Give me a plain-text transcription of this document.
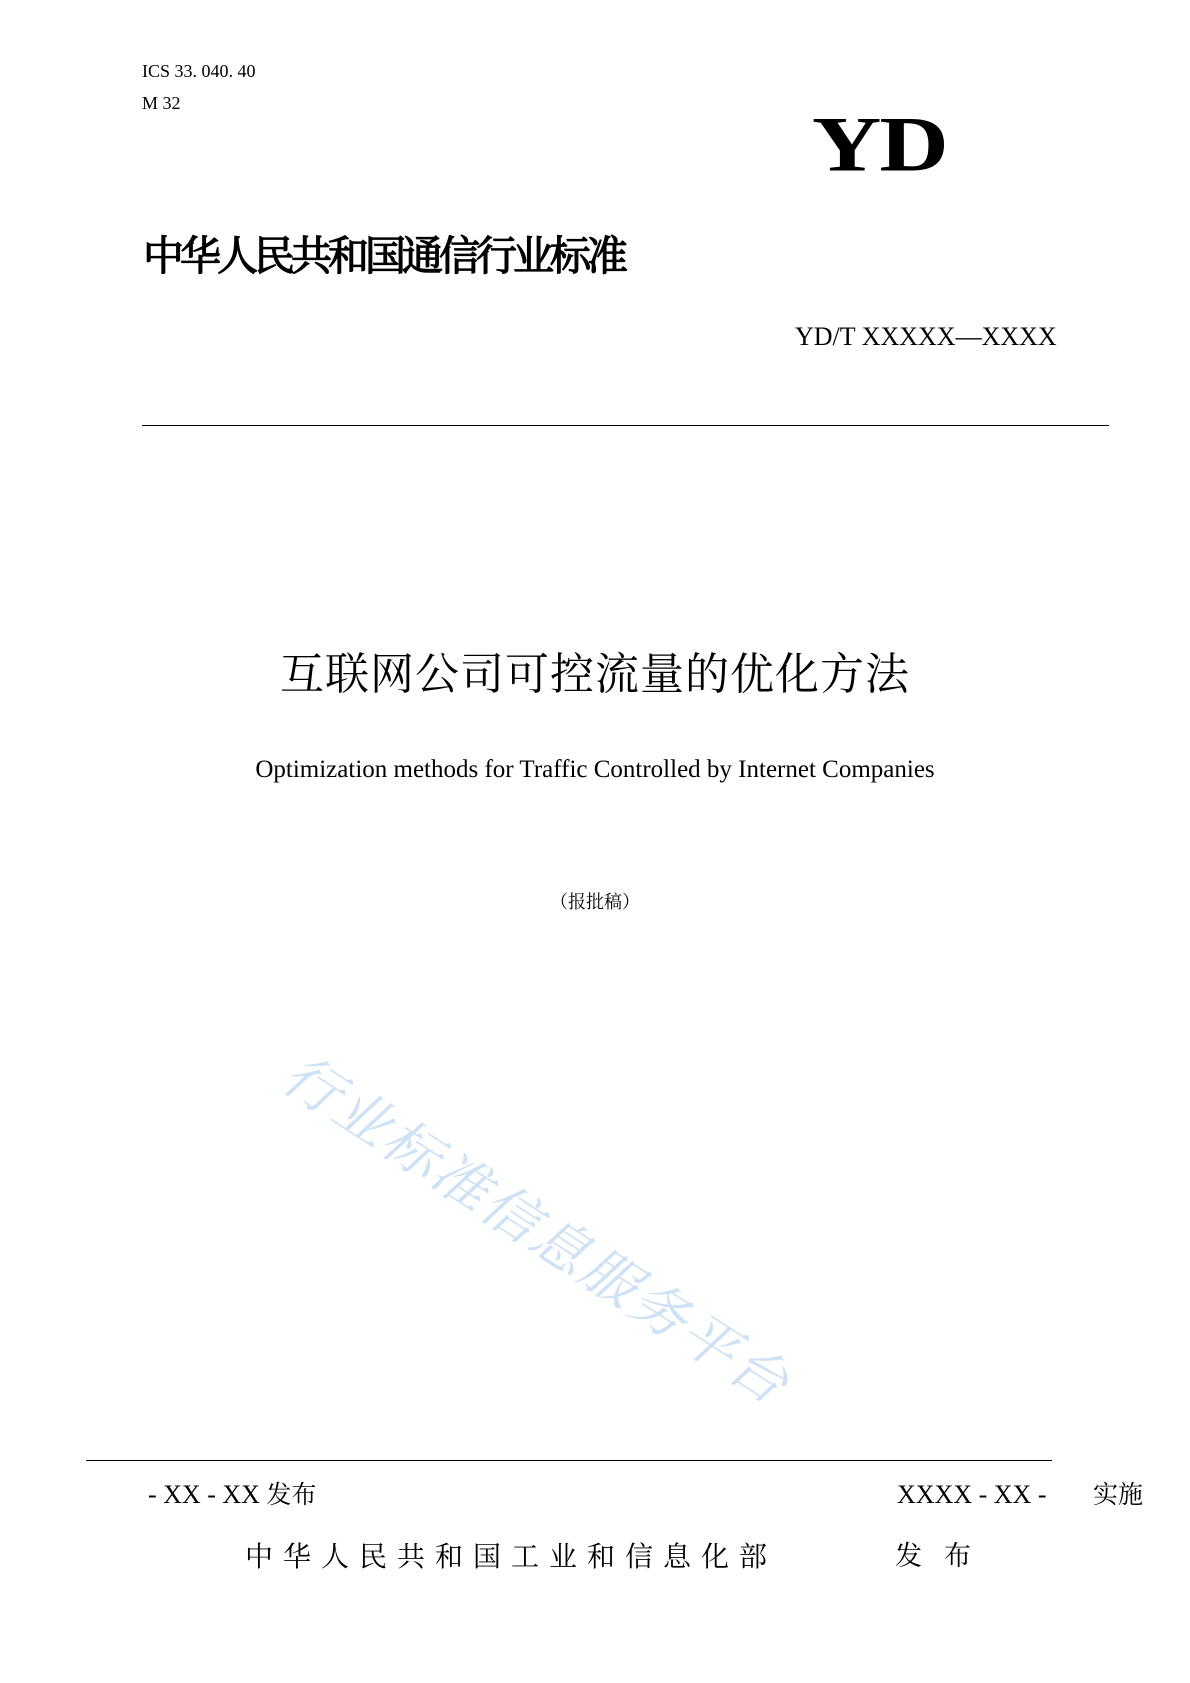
ICS 33. 040. 40
M 32	YD
中华人民共和国通信行业标准
YD/T XXXXX—XXXX
互联网公司可控流量的优化方法
Optimization methods for Traffic Controlled by Internet Companies
（报批稿）
行业标准信息服务平台
- XX - XX 发布	XXXX - XX - 实施
中华人民共和国工业和信息化部	发布
